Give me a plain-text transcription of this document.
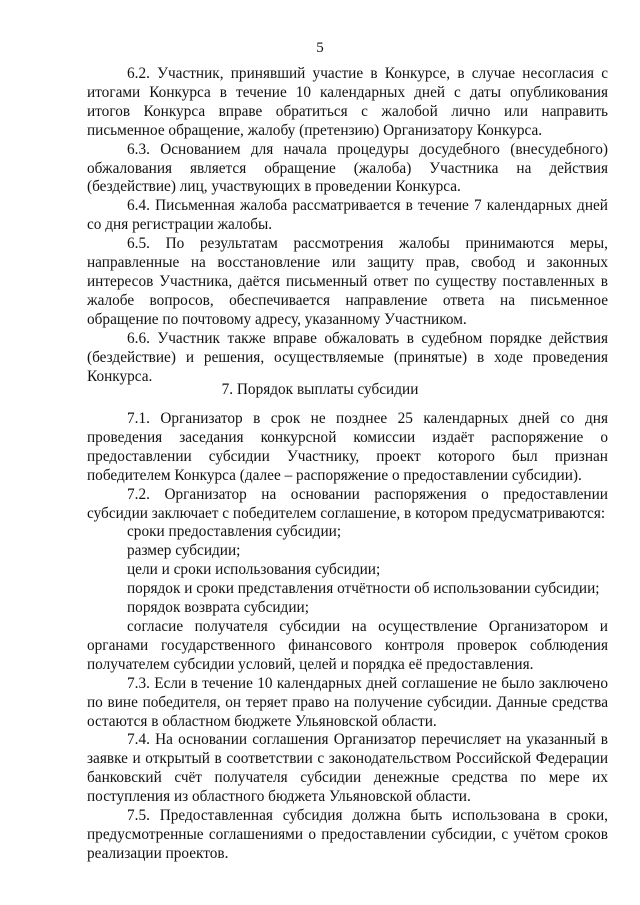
5

6.2. Участник, принявший участие в Конкурсе, в случае несогласия с итогами Конкурса в течение 10 календарных дней с даты опубликования итогов Конкурса вправе обратиться с жалобой лично или направить письменное обращение, жалобу (претензию) Организатору Конкурса.

6.3. Основанием для начала процедуры досудебного (внесудебного) обжалования является обращение (жалоба) Участника на действия (бездействие) лиц, участвующих в проведении Конкурса.

6.4. Письменная жалоба рассматривается в течение 7 календарных дней со дня регистрации жалобы.

6.5. По результатам рассмотрения жалобы принимаются меры, направленные на восстановление или защиту прав, свобод и законных интересов Участника, даётся письменный ответ по существу поставленных в жалобе вопросов, обеспечивается направление ответа на письменное обращение по почтовому адресу, указанному Участником.

6.6. Участник также вправе обжаловать в судебном порядке действия (бездействие) и решения, осуществляемые (принятые) в ходе проведения Конкурса.

7. Порядок выплаты субсидии

7.1. Организатор в срок не позднее 25 календарных дней со дня проведения заседания конкурсной комиссии издаёт распоряжение о предоставлении субсидии Участнику, проект которого был признан победителем Конкурса (далее – распоряжение о предоставлении субсидии).

7.2. Организатор на основании распоряжения о предоставлении субсидии заключает с победителем соглашение, в котором предусматриваются:

сроки предоставления субсидии;

размер субсидии;

цели и сроки использования субсидии;

порядок и сроки представления отчётности об использовании субсидии;

порядок возврата субсидии;

согласие получателя субсидии на осуществление Организатором и органами государственного финансового контроля проверок соблюдения получателем субсидии условий, целей и порядка её предоставления.

7.3. Если в течение 10 календарных дней соглашение не было заключено по вине победителя, он теряет право на получение субсидии. Данные средства остаются в областном бюджете Ульяновской области.

7.4. На основании соглашения Организатор перечисляет на указанный в заявке и открытый в соответствии с законодательством Российской Федерации банковский счёт получателя субсидии денежные средства по мере их поступления из областного бюджета Ульяновской области.

7.5. Предоставленная субсидия должна быть использована в сроки, предусмотренные соглашениями о предоставлении субсидии, с учётом сроков реализации проектов.
